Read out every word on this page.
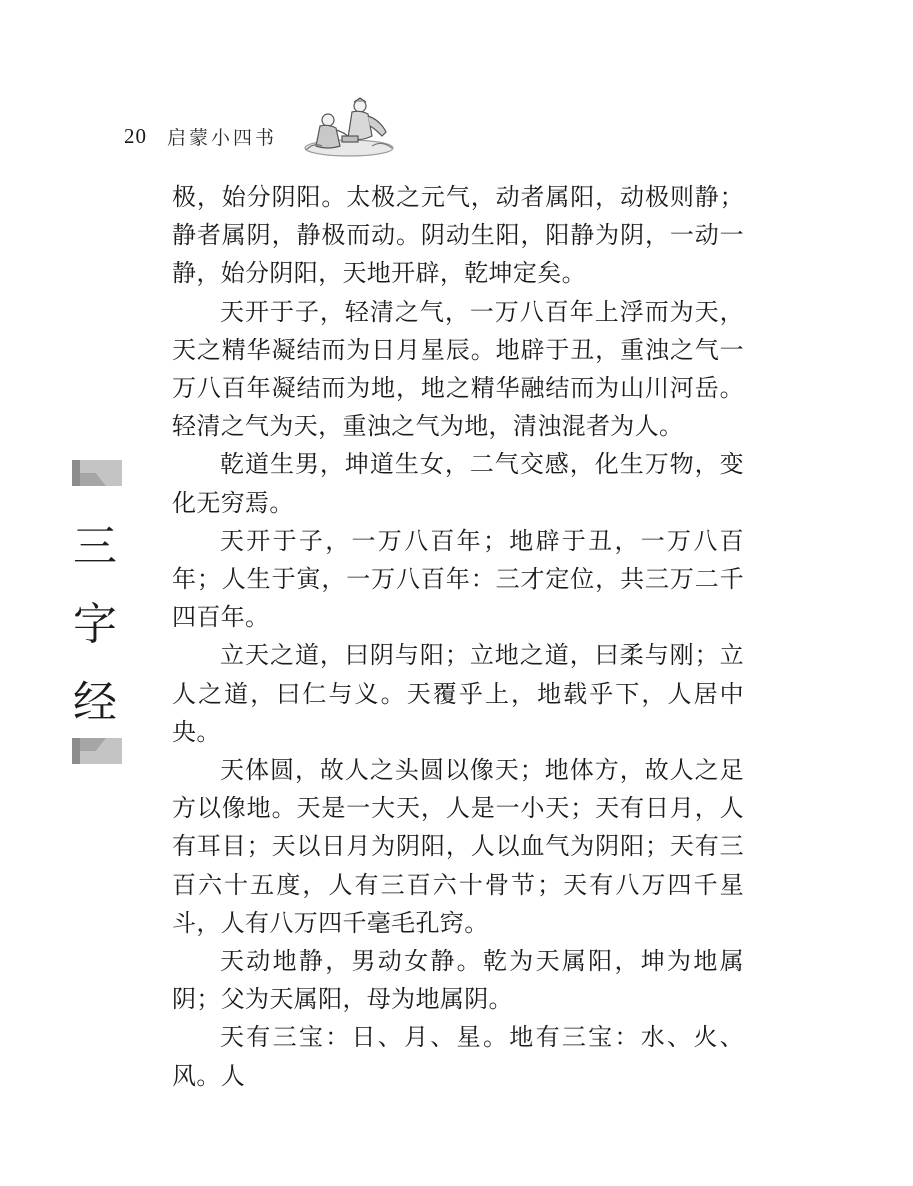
20 启蒙小四书
三
字
经

极，始分阴阳。太极之元气，动者属阳，动极则静；静者属阴，静极而动。阴动生阳，阳静为阴，一动一静，始分阴阳，天地开辟，乾坤定矣。

天开于子，轻清之气，一万八百年上浮而为天，天之精华凝结而为日月星辰。地辟于丑，重浊之气一万八百年凝结而为地，地之精华融结而为山川河岳。轻清之气为天，重浊之气为地，清浊混者为人。

乾道生男，坤道生女，二气交感，化生万物，变化无穷焉。

天开于子，一万八百年；地辟于丑，一万八百年；人生于寅，一万八百年：三才定位，共三万二千四百年。

立天之道，曰阴与阳；立地之道，曰柔与刚；立人之道，曰仁与义。天覆乎上，地载乎下，人居中央。

天体圆，故人之头圆以像天；地体方，故人之足方以像地。天是一大天，人是一小天；天有日月，人有耳目；天以日月为阴阳，人以血气为阴阳；天有三百六十五度，人有三百六十骨节；天有八万四千星斗，人有八万四千毫毛孔窍。

天动地静，男动女静。乾为天属阳，坤为地属阴；父为天属阳，母为地属阴。

天有三宝：日、月、星。地有三宝：水、火、风。人
